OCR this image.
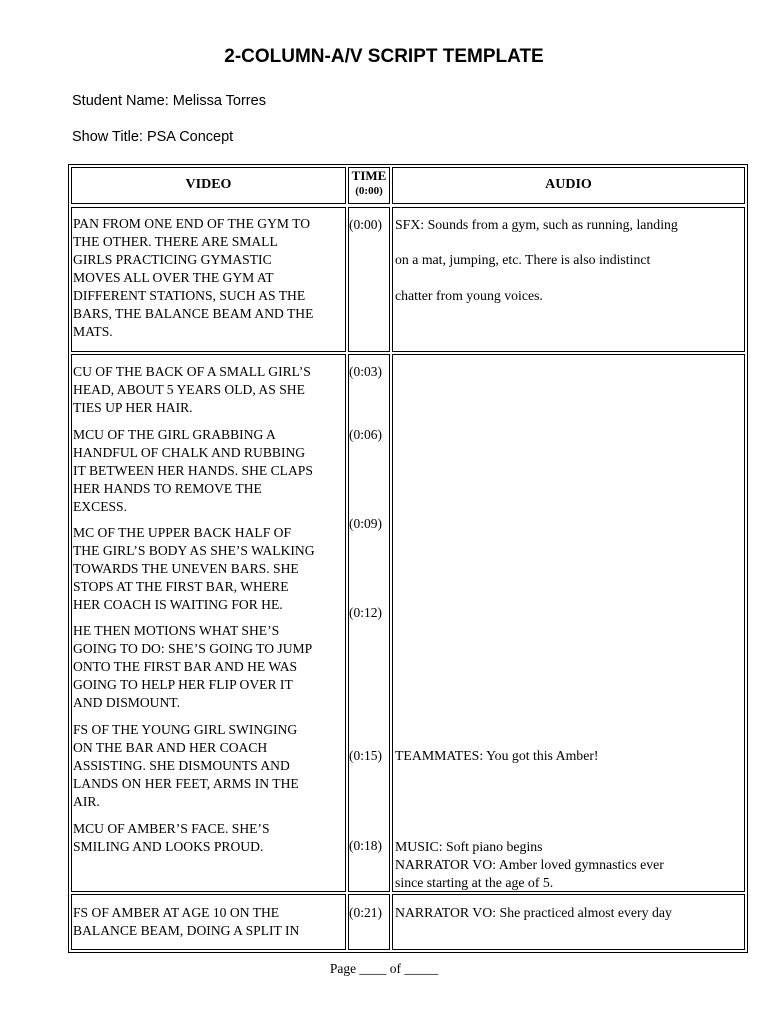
2-COLUMN-A/V SCRIPT TEMPLATE
Student Name: Melissa Torres
Show Title: PSA Concept
VIDEO
TIME
(0:00)	AUDIO
PAN FROM ONE END OF THE GYM TO
THE OTHER. THERE ARE SMALL
GIRLS PRACTICING GYMASTIC
MOVES ALL OVER THE GYM AT
DIFFERENT STATIONS, SUCH AS THE
BARS, THE BALANCE BEAM AND THE
MATS.
(0:00) SFX: Sounds from a gym, such as running, landing
on a mat, jumping, etc. There is also indistinct
chatter from young voices.
CU OF THE BACK OF A SMALL GIRL’S
HEAD, ABOUT 5 YEARS OLD, AS SHE
TIES UP HER HAIR.
MCU OF THE GIRL GRABBING A
HANDFUL OF CHALK AND RUBBING
IT BETWEEN HER HANDS. SHE CLAPS
HER HANDS TO REMOVE THE
EXCESS.
MC OF THE UPPER BACK HALF OF
THE GIRL’S BODY AS SHE’S WALKING
TOWARDS THE UNEVEN BARS. SHE
STOPS AT THE FIRST BAR, WHERE
HER COACH IS WAITING FOR HE.
HE THEN MOTIONS WHAT SHE’S
GOING TO DO: SHE’S GOING TO JUMP
ONTO THE FIRST BAR AND HE WAS
GOING TO HELP HER FLIP OVER IT
AND DISMOUNT.
FS OF THE YOUNG GIRL SWINGING
ON THE BAR AND HER COACH
ASSISTING. SHE DISMOUNTS AND
LANDS ON HER FEET, ARMS IN THE
AIR.
MCU OF AMBER’S FACE. SHE’S
SMILING AND LOOKS PROUD.
(0:03)
(0:06)
(0:09)
(0:12)
(0:15)
(0:18)
TEAMMATES: You got this Amber!
MUSIC: Soft piano begins
NARRATOR VO: Amber loved gymnastics ever
since starting at the age of 5.
FS OF AMBER AT AGE 10 ON THE
BALANCE BEAM, DOING A SPLIT IN
(0:21) NARRATOR VO: She practiced almost every day
Page ____ of _____
